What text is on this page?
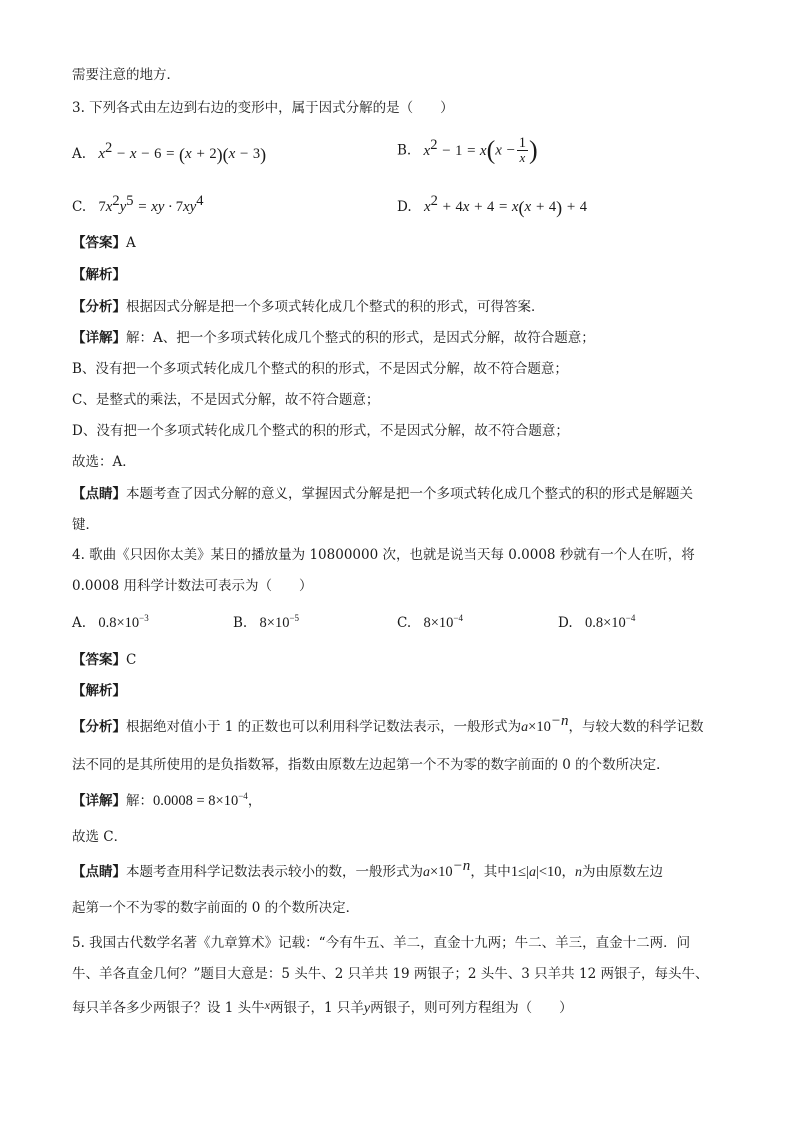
需要注意的地方．
3. 下列各式由左边到右边的变形中，属于因式分解的是（　　）
A. $x^2 - x - 6 = (x + 2)(x - 3)$	B. $x^2 - 1 = x(x - \frac{1}{x}$ )
C. $7x^2y^5$ = xy · $7xy^4$	D. $x^2 + 4x + 4 = x(x + 4) + 4$
【答案】A
【解析】
【分析】根据因式分解是把一个多项式转化成几个整式的积的形式，可得答案．
【详解】解：A、把一个多项式转化成几个整式的积的形式，是因式分解，故符合题意；
B、没有把一个多项式转化成几个整式的积的形式，不是因式分解，故不符合题意；
C、是整式的乘法，不是因式分解，故不符合题意；
D、没有把一个多项式转化成几个整式的积的形式，不是因式分解，故不符合题意；
故选：A．
【点睛】本题考查了因式分解的意义，掌握因式分解是把一个多项式转化成几个整式的积的形式是解题关
键．
4. 歌曲《只因你太美》某日的播放量为 10800000 次，也就是说当天每 0.0008 秒就有一个人在听，将
0.0008 用科学计数法可表示为（　　）
A. $0.8\times 10^{-3}$	B. $8\times 10^{-5}$	C. $8\times 10^{-4}$	D. $0.8\times 10^{-4}$
【答案】C
【解析】
【分析】根据绝对值小于 1 的正数也可以利用科学记数法表示，一般形式为$a\times 10^{-n}$，与较大数的科学记数
法不同的是其所使用的是负指数幂，指数由原数左边起第一个不为零的数字前面的 0 的个数所决定．
【详解】解：$0.0008 = 8\times 10^{-4}$，
故选 C．
【点睛】本题考查用科学记数法表示较小的数，一般形式为$a\times 10^{-n}$，其中1≤|a|<10，n为由原数左边
起第一个不为零的数字前面的 0 的个数所决定．
5. 我国古代数学名著《九章算术》记载：“今有牛五、羊二，直金十九两；牛二、羊三，直金十二两．问
牛、羊各直金几何？”题目大意是：5 头牛、2 只羊共 19 两银子；2 头牛、3 只羊共 12 两银子，每头牛、
每只羊各多少两银子？设 1 头牛x两银子，1 只羊y两银子，则可列方程组为（　　）
